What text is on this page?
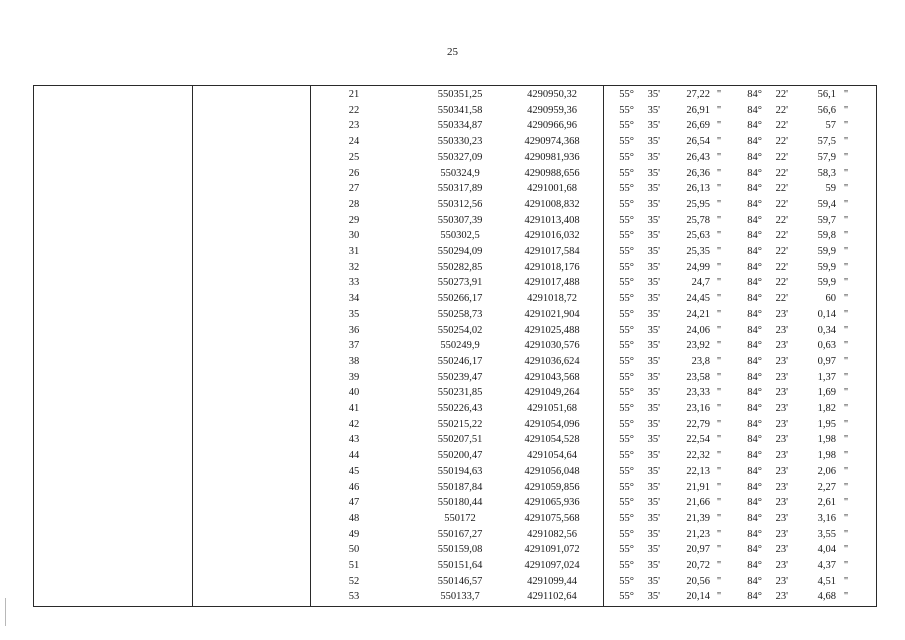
25
21	550351,25	4290950,32	55°	35'	27,22 "	84°	22'	56,1 "
22	550341,58	4290959,36	55°	35'	26,91 "	84°	22'	56,6 "
23	550334,87	4290966,96	55°	35'	26,69 "	84°	22'	57 "
24	550330,23	4290974,368	55°	35'	26,54 "	84°	22'	57,5 "
25	550327,09	4290981,936	55°	35'	26,43 "	84°	22'	57,9 "
26	550324,9	4290988,656	55°	35'	26,36 "	84°	22'	58,3 "
27	550317,89	4291001,68	55°	35'	26,13 "	84°	22'	59 "
28	550312,56	4291008,832	55°	35'	25,95 "	84°	22'	59,4 "
29	550307,39	4291013,408	55°	35'	25,78 "	84°	22'	59,7 "
30	550302,5	4291016,032	55°	35'	25,63 "	84°	22'	59,8 "
31	550294,09	4291017,584	55°	35'	25,35 "	84°	22'	59,9 "
32	550282,85	4291018,176	55°	35'	24,99 "	84°	22'	59,9 "
33	550273,91	4291017,488	55°	35'	24,7 "	84°	22'	59,9 "
34	550266,17	4291018,72	55°	35'	24,45 "	84°	22'	60 "
35	550258,73	4291021,904	55°	35'	24,21 "	84°	23'	0,14 "
36	550254,02	4291025,488	55°	35'	24,06 "	84°	23'	0,34 "
37	550249,9	4291030,576	55°	35'	23,92 "	84°	23'	0,63 "
38	550246,17	4291036,624	55°	35'	23,8 "	84°	23'	0,97 "
39	550239,47	4291043,568	55°	35'	23,58 "	84°	23'	1,37 "
40	550231,85	4291049,264	55°	35'	23,33 "	84°	23'	1,69 "
41	550226,43	4291051,68	55°	35'	23,16 "	84°	23'	1,82 "
42	550215,22	4291054,096	55°	35'	22,79 "	84°	23'	1,95 "
43	550207,51	4291054,528	55°	35'	22,54 "	84°	23'	1,98 "
44	550200,47	4291054,64	55°	35'	22,32 "	84°	23'	1,98 "
45	550194,63	4291056,048	55°	35'	22,13 "	84°	23'	2,06 "
46	550187,84	4291059,856	55°	35'	21,91 "	84°	23'	2,27 "
47	550180,44	4291065,936	55°	35'	21,66 "	84°	23'	2,61 "
48	550172	4291075,568	55°	35'	21,39 "	84°	23'	3,16 "
49	550167,27	4291082,56	55°	35'	21,23 "	84°	23'	3,55 "
50	550159,08	4291091,072	55°	35'	20,97 "	84°	23'	4,04 "
51	550151,64	4291097,024	55°	35'	20,72 "	84°	23'	4,37 "
52	550146,57	4291099,44	55°	35'	20,56 "	84°	23'	4,51 "
53	550133,7	4291102,64	55°	35'	20,14 "	84°	23'	4,68 "
